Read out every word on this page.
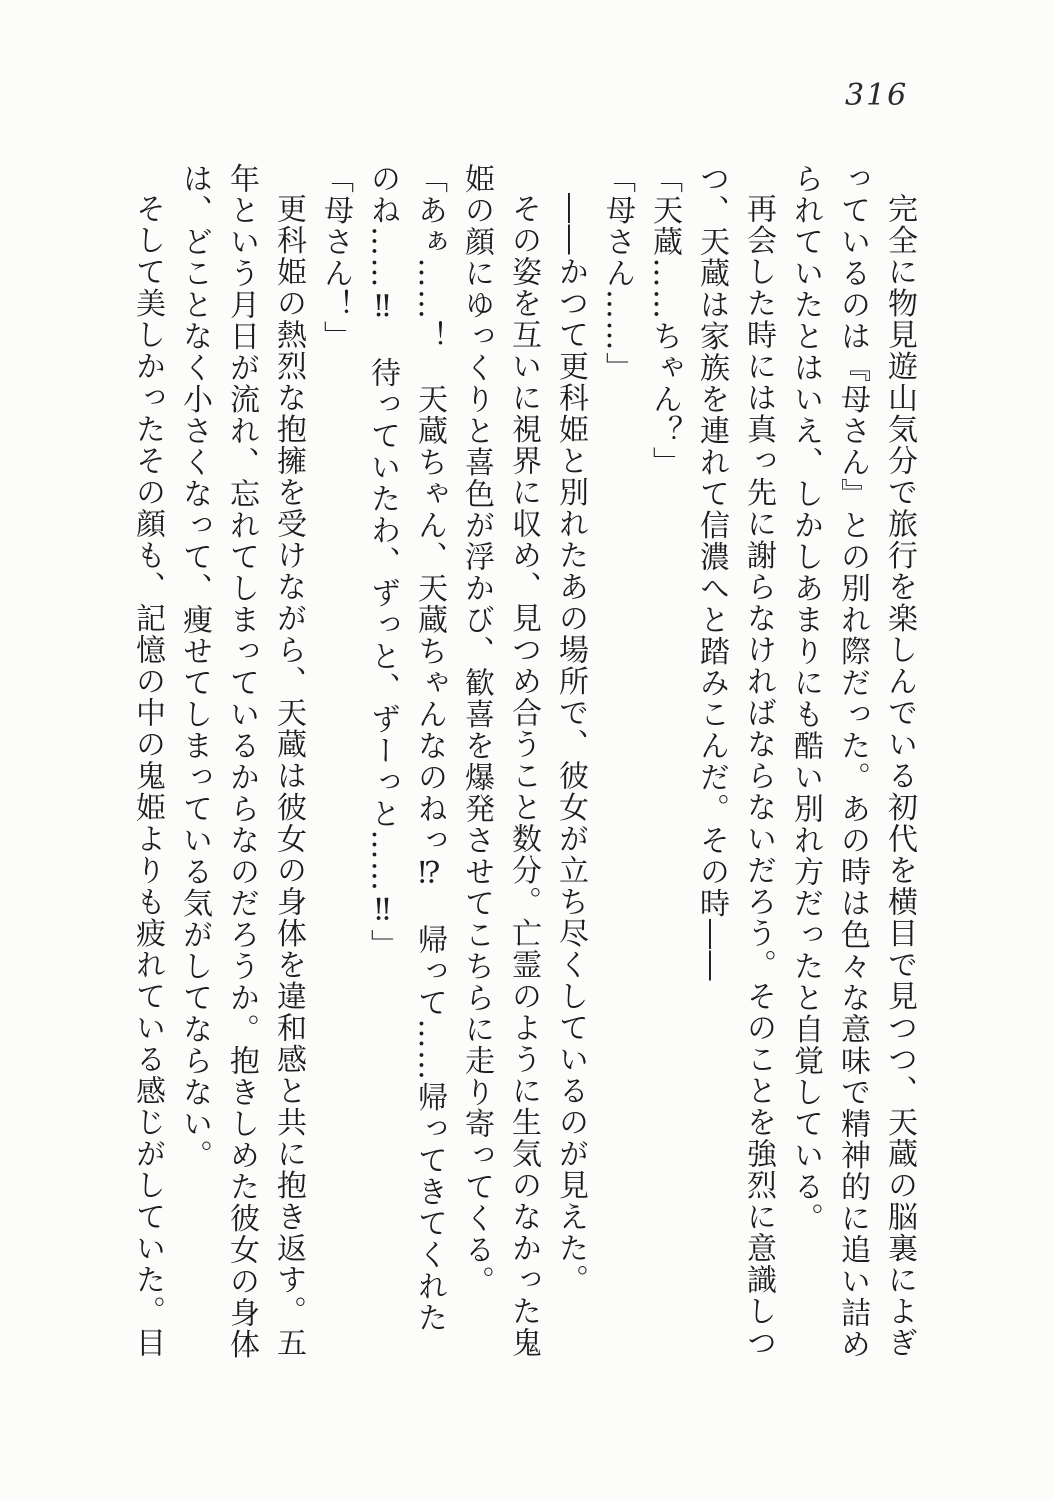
316

完全に物見遊山気分で旅行を楽しんでいる初代を横目で見つつ、天蔵の脳裏によぎっているのは『母さん』との別れ際だった。あの時は色々な意味で精神的に追い詰められていたとはいえ、しかしあまりにも酷い別れ方だったと自覚している。

再会した時には真っ先に謝らなければならないだろう。そのことを強烈に意識しつつ、天蔵は家族を連れて信濃へと踏みこんだ。その時――

「天蔵……ちゃん？」

「母さん……」

――かつて更科姫と別れたあの場所で、彼女が立ち尽くしているのが見えた。

その姿を互いに視界に収め、見つめ合うこと数分。亡霊のように生気のなかった鬼姫の顔にゆっくりと喜色が浮かび、歓喜を爆発させてこちらに走り寄ってくる。

「あぁ……！　天蔵ちゃん、天蔵ちゃんなのねっ⁉　帰って……帰ってきてくれたのね……‼　待っていたわ、ずっと、ずーっと……‼」

「母さん！」

更科姫の熱烈な抱擁を受けながら、天蔵は彼女の身体を違和感と共に抱き返す。五年という月日が流れ、忘れてしまっているからなのだろうか。抱きしめた彼女の身体は、どことなく小さくなって、痩せてしまっている気がしてならない。

そして美しかったその顔も、記憶の中の鬼姫よりも疲れている感じがしていた。目
